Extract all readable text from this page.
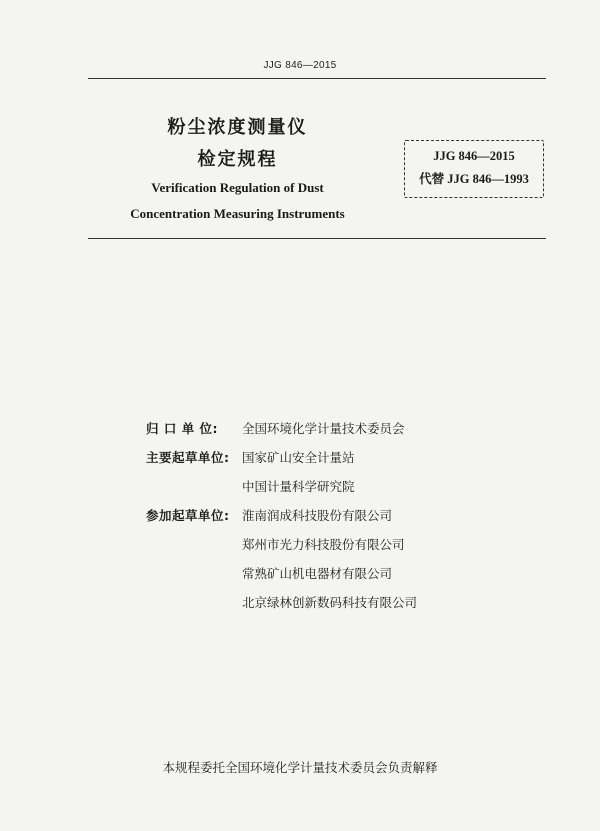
JJG 846—2015
粉尘浓度测量仪
检定规程
Verification Regulation of Dust
Concentration Measuring Instruments
JJG 846—2015
代替 JJG 846—1993
归 口 单 位:	全国环境化学计量技术委员会
主要起草单位:	国家矿山安全计量站
中国计量科学研究院
参加起草单位:	淮南润成科技股份有限公司
郑州市光力科技股份有限公司
常熟矿山机电器材有限公司
北京绿林创新数码科技有限公司
本规程委托全国环境化学计量技术委员会负责解释
